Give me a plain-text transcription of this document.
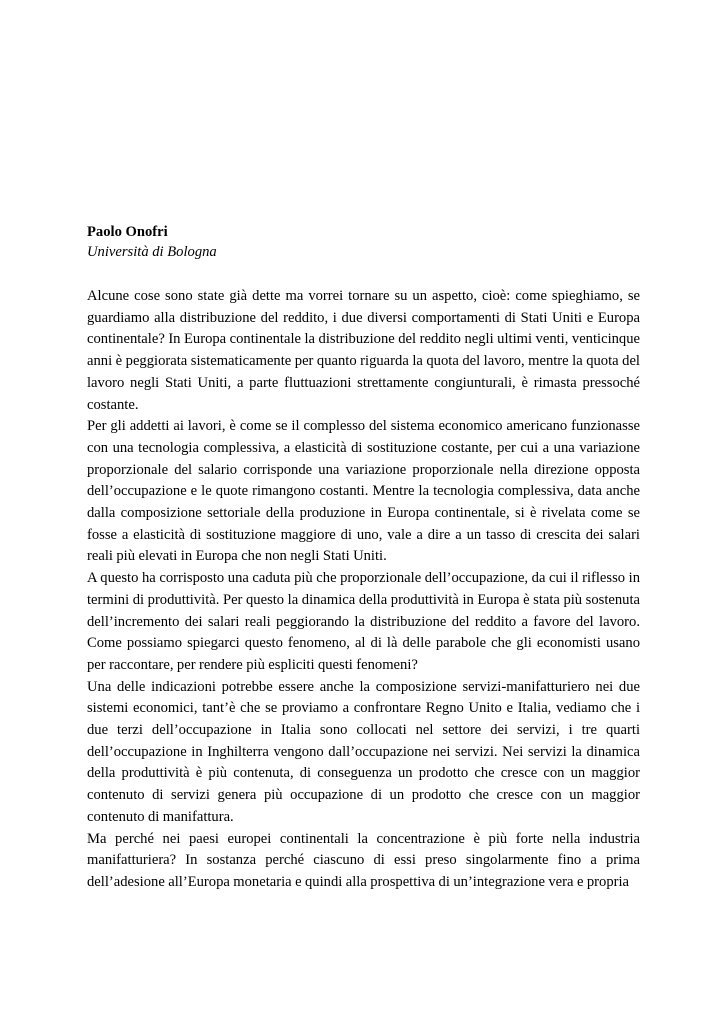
Paolo Onofri

Università di Bologna

Alcune cose sono state già dette ma vorrei tornare su un aspetto, cioè: come spieghiamo, se guardiamo alla distribuzione del reddito, i due diversi comportamenti di Stati Uniti e Europa continentale? In Europa continentale la distribuzione del reddito negli ultimi venti, venticinque anni è peggiorata sistematicamente per quanto riguarda la quota del lavoro, mentre la quota del lavoro negli Stati Uniti, a parte fluttuazioni strettamente congiunturali, è rimasta pressoché costante.

Per gli addetti ai lavori, è come se il complesso del sistema economico americano funzionasse con una tecnologia complessiva, a elasticità di sostituzione costante, per cui a una variazione proporzionale del salario corrisponde una variazione proporzionale nella direzione opposta dell’occupazione e le quote rimangono costanti. Mentre la tecnologia complessiva, data anche dalla composizione settoriale della produzione in Europa continentale, si è rivelata come se fosse a elasticità di sostituzione maggiore di uno, vale a dire a un tasso di crescita dei salari reali più elevati in Europa che non negli Stati Uniti.

A questo ha corrisposto una caduta più che proporzionale dell’occupazione, da cui il riflesso in termini di produttività. Per questo la dinamica della produttività in Europa è stata più sostenuta dell’incremento dei salari reali peggiorando la distribuzione del reddito a favore del lavoro. Come possiamo spiegarci questo fenomeno, al di là delle parabole che gli economisti usano per raccontare, per rendere più espliciti questi fenomeni?

Una delle indicazioni potrebbe essere anche la composizione servizi-manifatturiero nei due sistemi economici, tant’è che se proviamo a confrontare Regno Unito e Italia, vediamo che i due terzi dell’occupazione in Italia sono collocati nel settore dei servizi, i tre quarti dell’occupazione in Inghilterra vengono dall’occupazione nei servizi. Nei servizi la dinamica della produttività è più contenuta, di conseguenza un prodotto che cresce con un maggior contenuto di servizi genera più occupazione di un prodotto che cresce con un maggior contenuto di manifattura.

Ma perché nei paesi europei continentali la concentrazione è più forte nella industria manifatturiera? In sostanza perché ciascuno di essi preso singolarmente fino a prima dell’adesione all’Europa monetaria e quindi alla prospettiva di un’integrazione vera e propria
